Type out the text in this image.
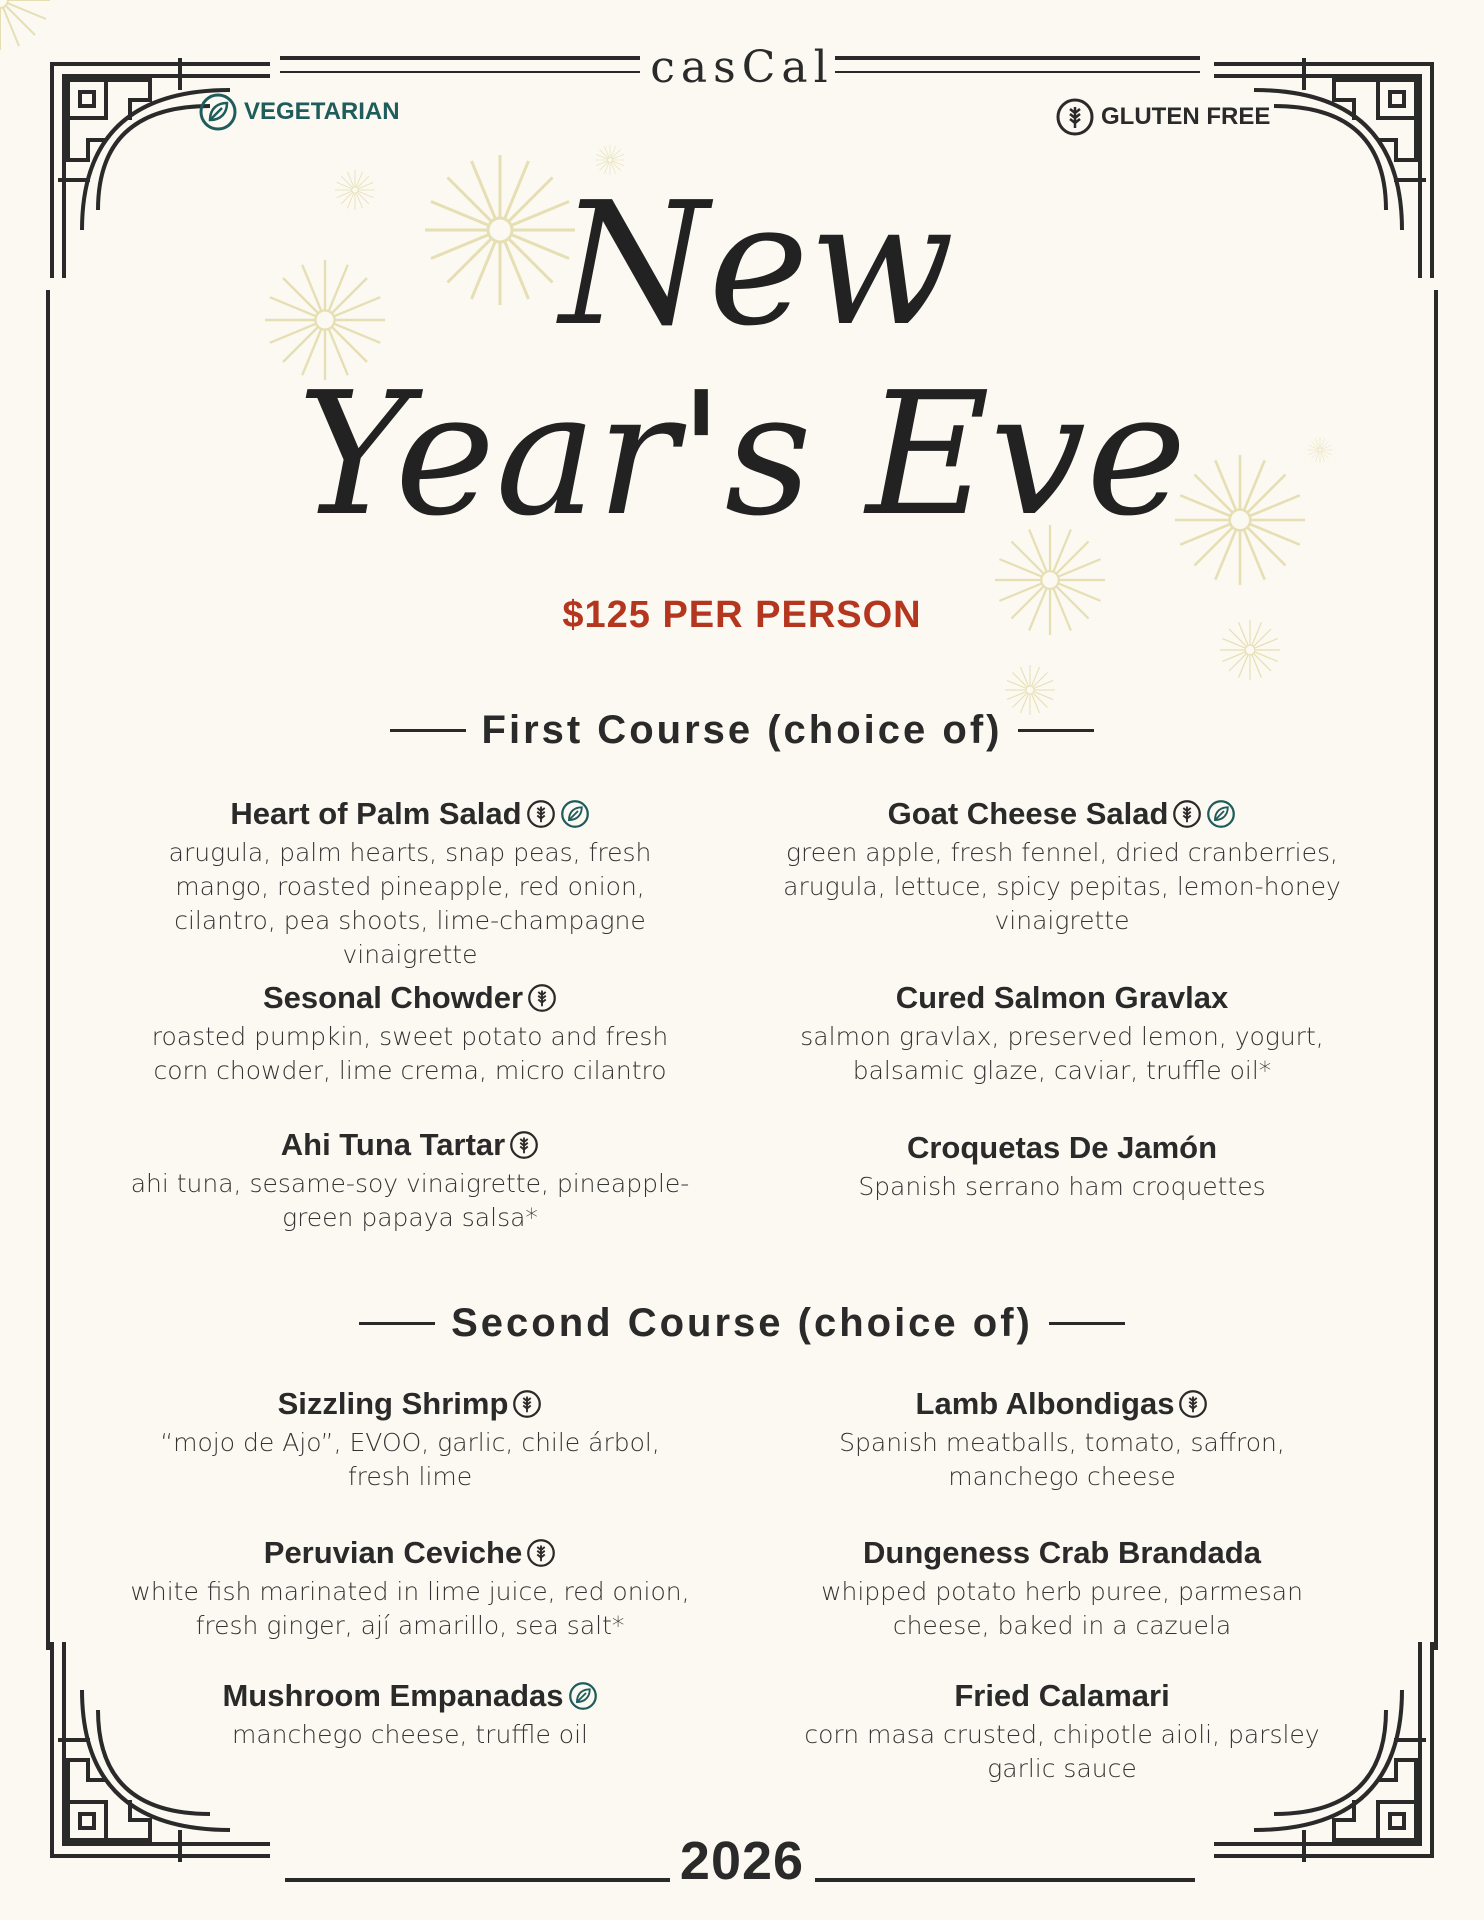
casCal
VEGETARIAN	GLUTEN FREE
New
Year's Eve
$125 PER PERSON
First Course (choice of)
Heart of Palm Salad
arugula, palm hearts, snap peas, fresh mango, roasted pineapple, red onion, cilantro, pea shoots, lime-champagne vinaigrette
Goat Cheese Salad
green apple, fresh fennel, dried cranberries, arugula, lettuce, spicy pepitas, lemon-honey vinaigrette
Sesonal Chowder
roasted pumpkin, sweet potato and fresh corn chowder, lime crema, micro cilantro
Cured Salmon Gravlax
salmon gravlax, preserved lemon, yogurt, balsamic glaze, caviar, truffle oil*
Ahi Tuna Tartar
ahi tuna, sesame-soy vinaigrette, pineapple-green papaya salsa*
Croquetas De Jamón
Spanish serrano ham croquettes
Second Course (choice of)
Sizzling Shrimp
“mojo de Ajo”, EVOO, garlic, chile árbol, fresh lime
Lamb Albondigas
Spanish meatballs, tomato, saffron, manchego cheese
Peruvian Ceviche
white fish marinated in lime juice, red onion, fresh ginger, ají amarillo, sea salt*
Dungeness Crab Brandada
whipped potato herb puree, parmesan cheese, baked in a cazuela
Mushroom Empanadas
manchego cheese, truffle oil
Fried Calamari
corn masa crusted, chipotle aioli, parsley garlic sauce
2026
